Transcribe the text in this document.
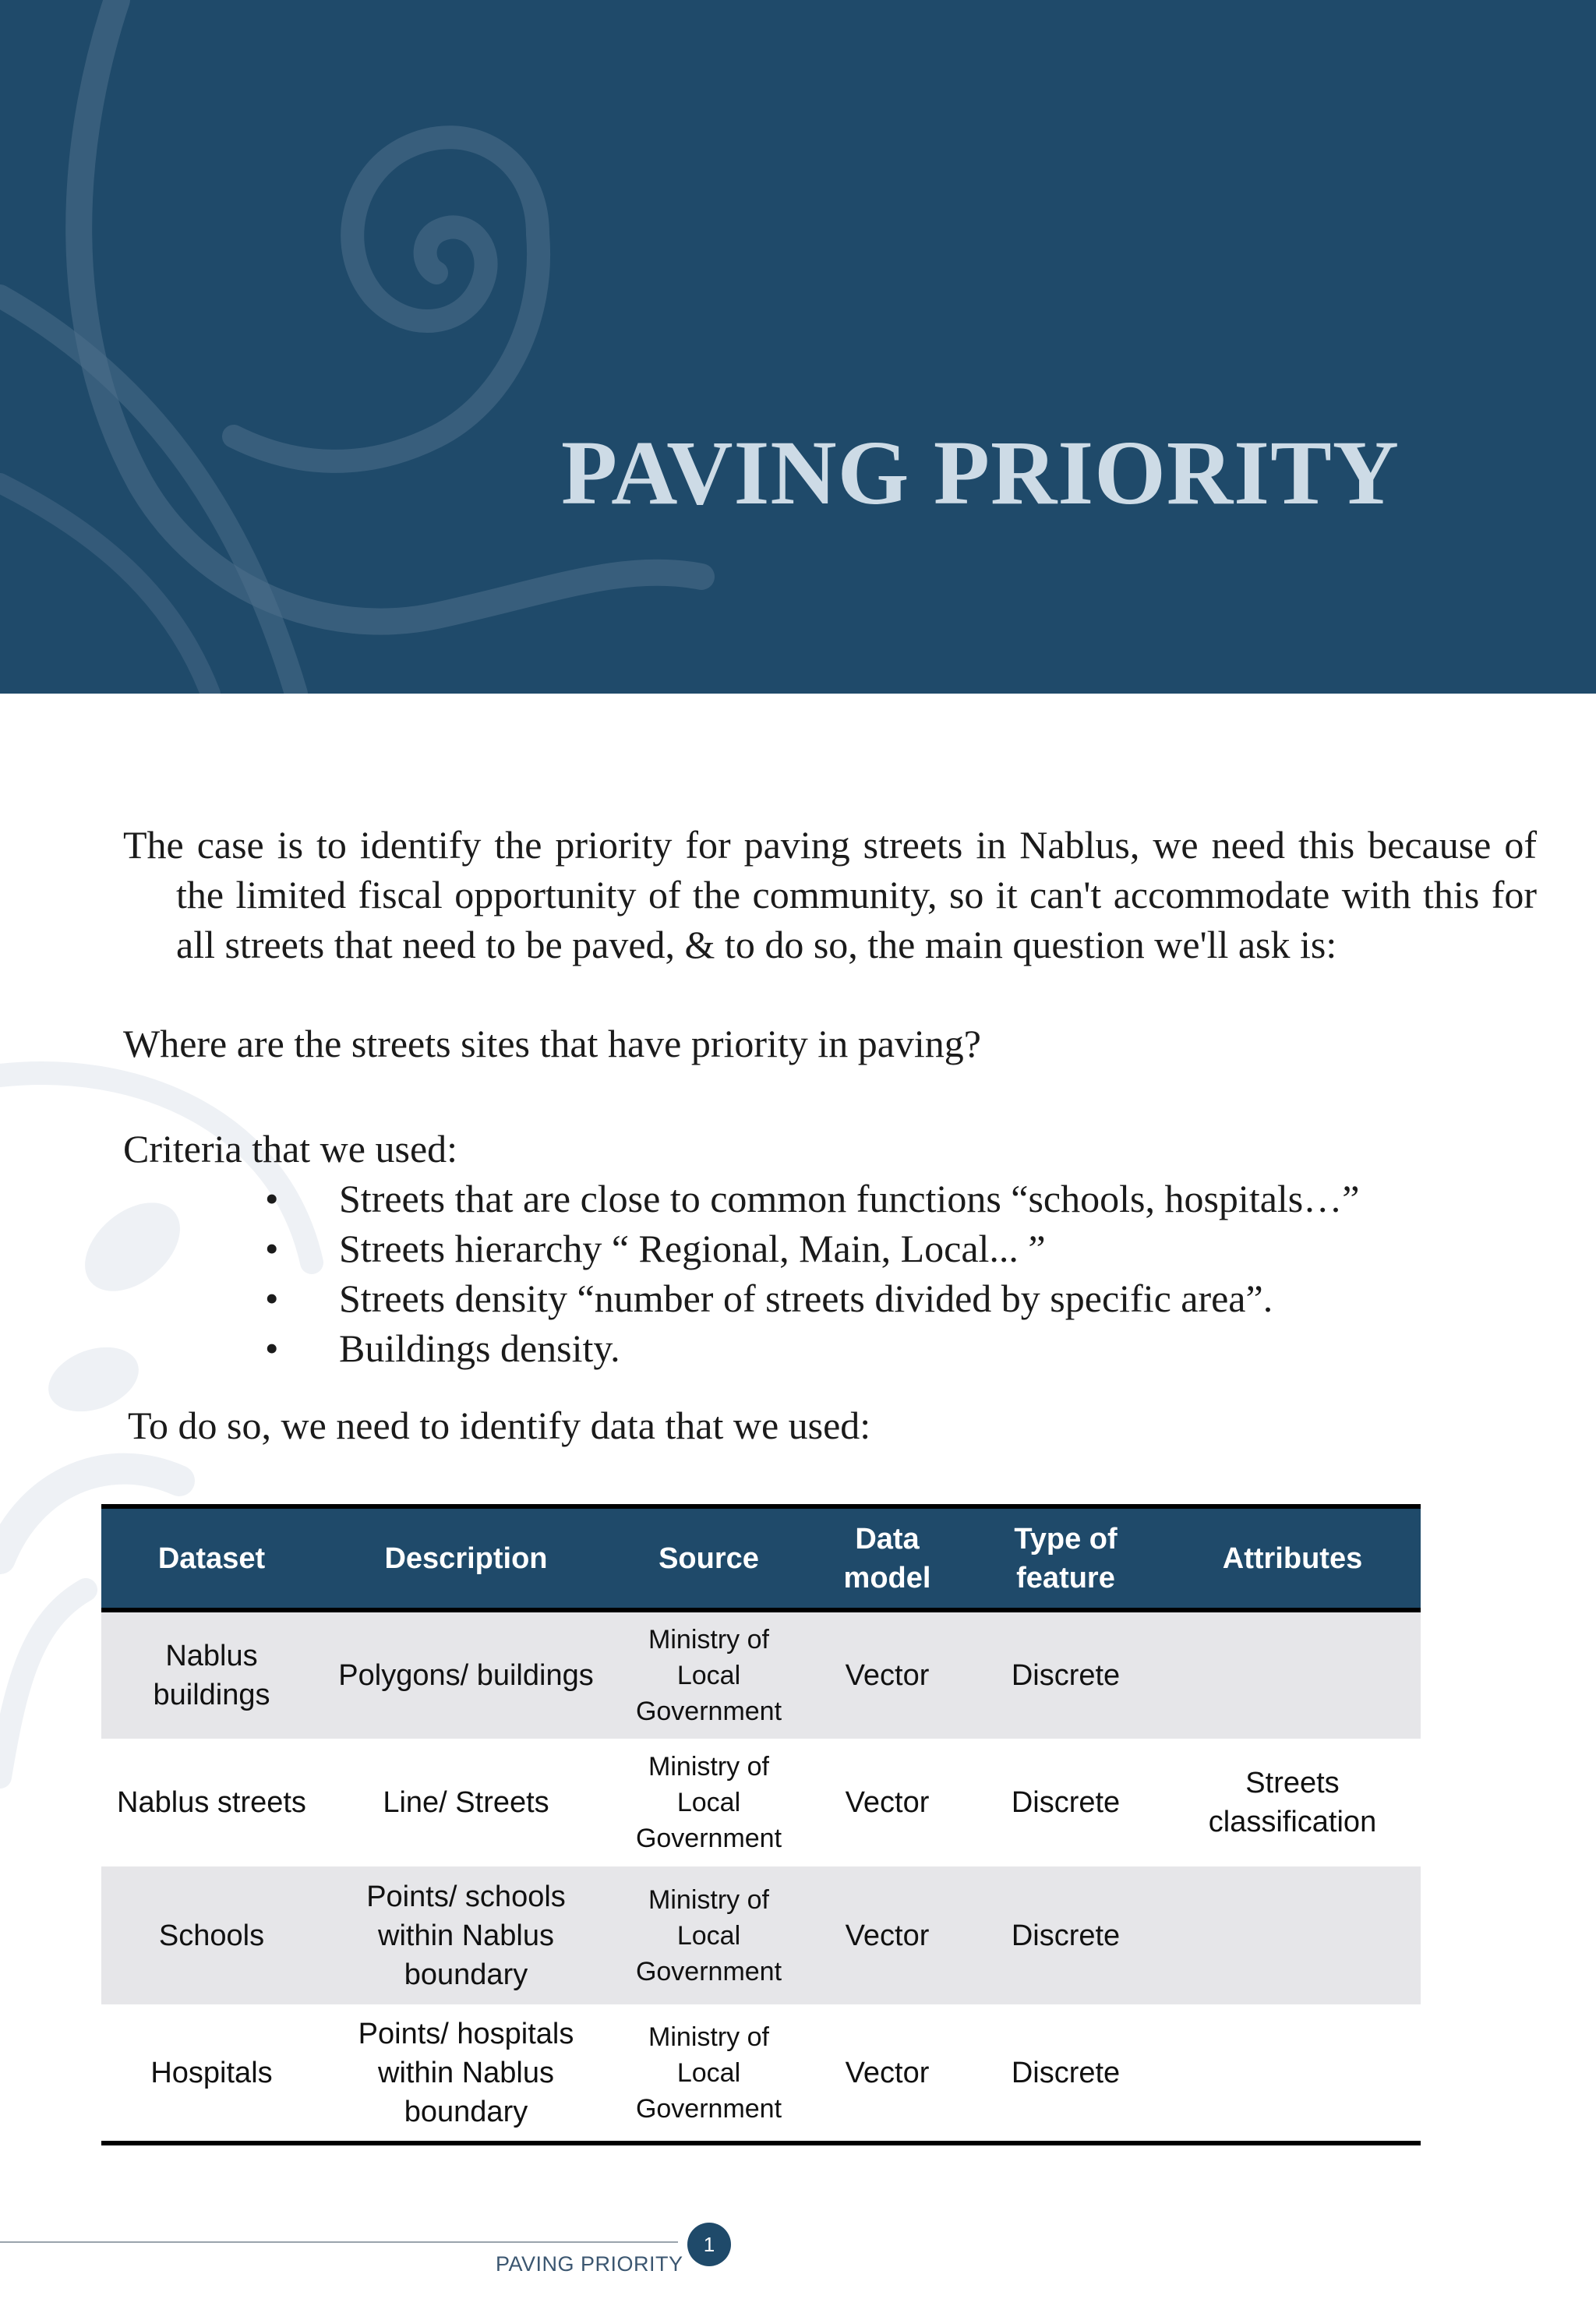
PAVING PRIORITY

The case is to identify the priority for paving streets in Nablus, we need this because of the limited fiscal opportunity of the community, so it can't accommodate with this for all streets that need to be paved, & to do so, the main question we'll ask is:

Where are the streets sites that have priority in paving?

Criteria that we used:

•	Streets that are close to common functions “schools, hospitals…”
•	Streets hierarchy “ Regional, Main, Local... ”
•	Streets density “number of streets divided by specific area”.
•	Buildings density.

To do so, we need to identify data that we used:

Dataset	Description	Source	Data model	Type of feature	Attributes
Nablus buildings	Polygons/ buildings	Ministry of Local Government	Vector	Discrete	
Nablus streets	Line/ Streets	Ministry of Local Government	Vector	Discrete	Streets classification
Schools	Points/ schools within Nablus boundary	Ministry of Local Government	Vector	Discrete	
Hospitals	Points/ hospitals within Nablus boundary	Ministry of Local Government	Vector	Discrete	
PAVING PRIORITY
1
